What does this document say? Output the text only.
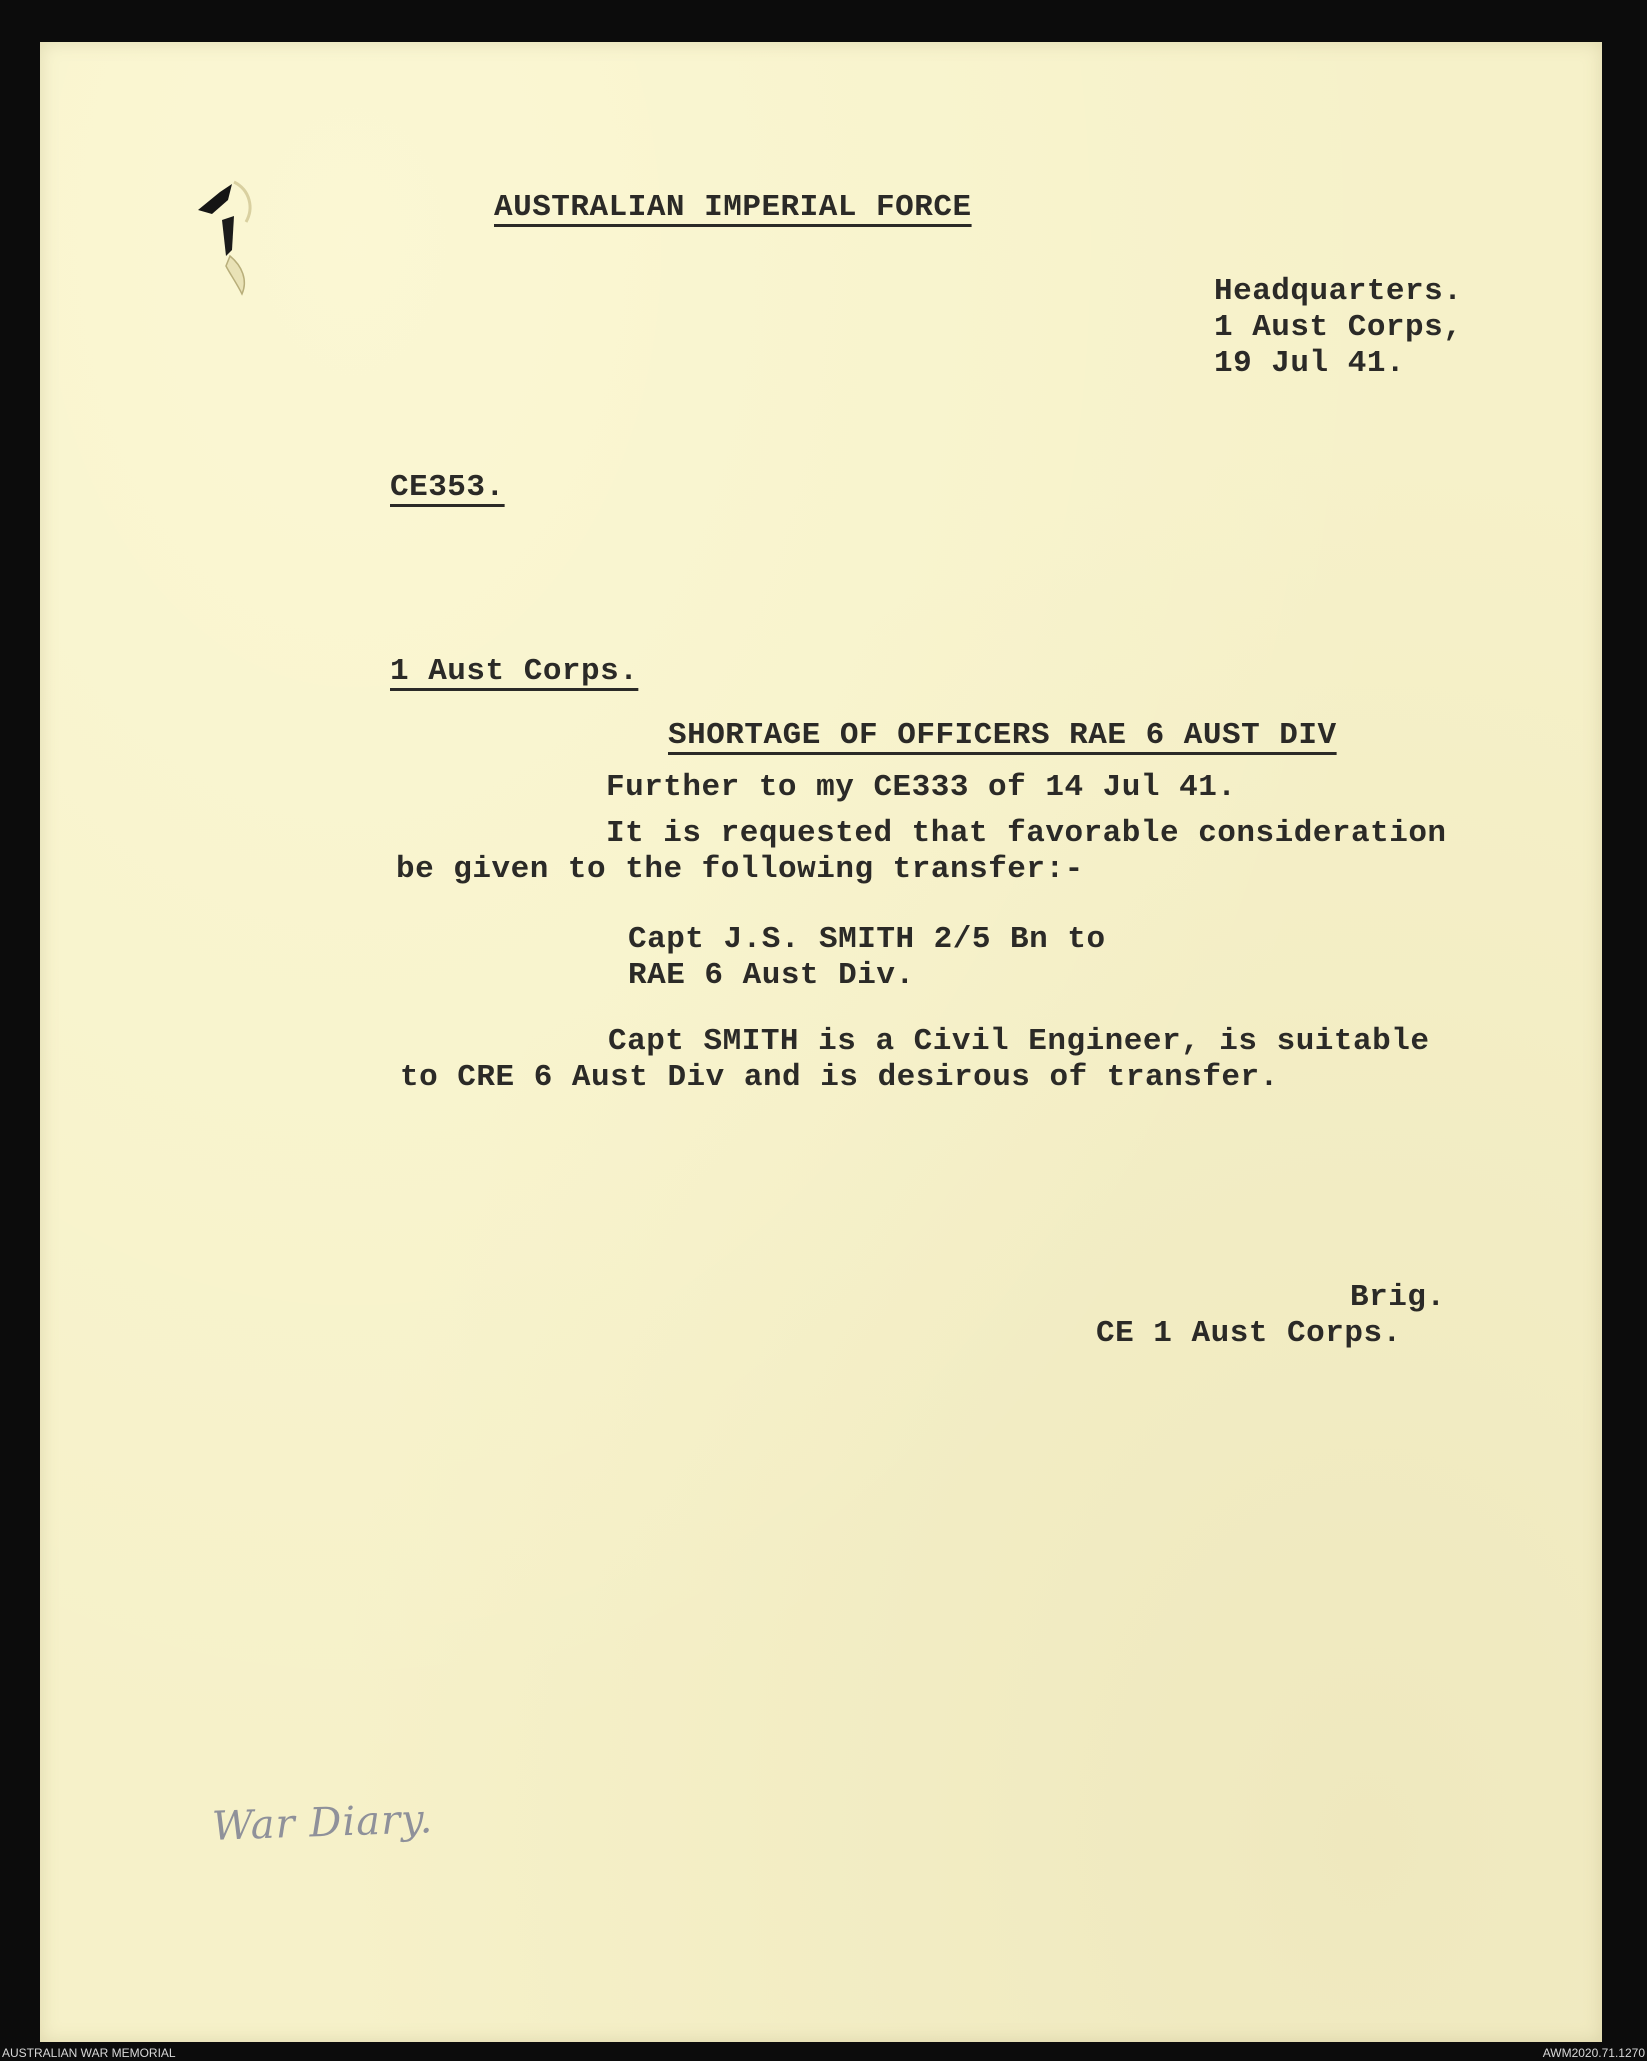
AUSTRALIAN IMPERIAL FORCE
Headquarters.
1 Aust Corps,
19 Jul 41.
CE353.
1 Aust Corps.
SHORTAGE OF OFFICERS RAE 6 AUST DIV
Further to my CE333 of 14 Jul 41.
It is requested that favorable consideration
be given to the following transfer:-
Capt J.S. SMITH 2/5 Bn to
RAE 6 Aust Div.
Capt SMITH is a Civil Engineer, is suitable
to CRE 6 Aust Div and is desirous of transfer.
Brig.
CE 1 Aust Corps.
War Diary.
AUSTRALIAN WAR MEMORIAL	AWM2020.71.1270
